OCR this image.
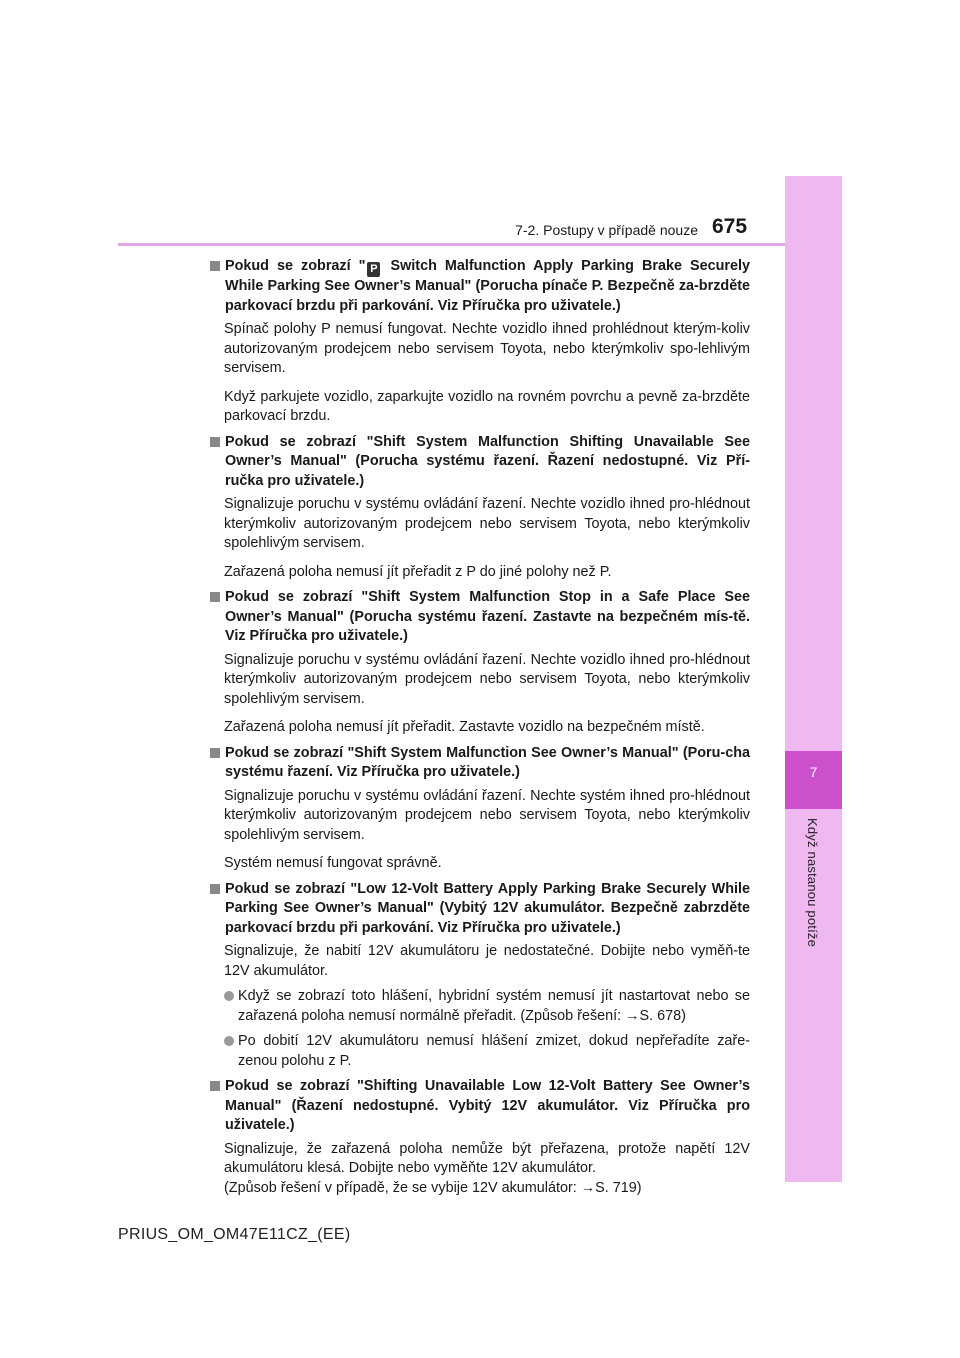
7
Když nastanou potíže
7-2. Postupy v případě nouze 675
Pokud se zobrazí " P Switch Malfunction Apply Parking Brake Securely While Parking See Owner’s Manual" (Porucha pínače P. Bezpečně za-brzděte parkovací brzdu při parkování. Viz Příručka pro uživatele.)

Spínač polohy P nemusí fungovat. Nechte vozidlo ihned prohlédnout kterým-koliv autorizovaným prodejcem nebo servisem Toyota, nebo kterýmkoliv spo-lehlivým servisem.

Když parkujete vozidlo, zaparkujte vozidlo na rovném povrchu a pevně za-brzděte parkovací brzdu.

Pokud se zobrazí "Shift System Malfunction Shifting Unavailable See Owner’s Manual" (Porucha systému řazení. Řazení nedostupné. Viz Pří-ručka pro uživatele.)

Signalizuje poruchu v systému ovládání řazení. Nechte vozidlo ihned pro-hlédnout kterýmkoliv autorizovaným prodejcem nebo servisem Toyota, nebo kterýmkoliv spolehlivým servisem.

Zařazená poloha nemusí jít přeřadit z P do jiné polohy než P.

Pokud se zobrazí "Shift System Malfunction Stop in a Safe Place See Owner’s Manual" (Porucha systému řazení. Zastavte na bezpečném mís-tě. Viz Příručka pro uživatele.)

Signalizuje poruchu v systému ovládání řazení. Nechte vozidlo ihned pro-hlédnout kterýmkoliv autorizovaným prodejcem nebo servisem Toyota, nebo kterýmkoliv spolehlivým servisem.

Zařazená poloha nemusí jít přeřadit. Zastavte vozidlo na bezpečném místě.

Pokud se zobrazí "Shift System Malfunction See Owner’s Manual" (Poru-cha systému řazení. Viz Příručka pro uživatele.)

Signalizuje poruchu v systému ovládání řazení. Nechte systém ihned pro-hlédnout kterýmkoliv autorizovaným prodejcem nebo servisem Toyota, nebo kterýmkoliv spolehlivým servisem.

Systém nemusí fungovat správně.

Pokud se zobrazí "Low 12-Volt Battery Apply Parking Brake Securely While Parking See Owner’s Manual" (Vybitý 12V akumulátor. Bezpečně zabrzděte parkovací brzdu při parkování. Viz Příručka pro uživatele.)

Signalizuje, že nabití 12V akumulátoru je nedostatečné. Dobijte nebo vyměň-te 12V akumulátor.

Když se zobrazí toto hlášení, hybridní systém nemusí jít nastartovat nebo se zařazená poloha nemusí normálně přeřadit. (Způsob řešení: →S. 678)
Po dobití 12V akumulátoru nemusí hlášení zmizet, dokud nepřeřadíte zaře-zenou polohu z P.
Pokud se zobrazí "Shifting Unavailable Low 12-Volt Battery See Owner’s Manual" (Řazení nedostupné. Vybitý 12V akumulátor. Viz Příručka pro uživatele.)

Signalizuje, že zařazená poloha nemůže být přeřazena, protože napětí 12V akumulátoru klesá. Dobijte nebo vyměňte 12V akumulátor.

(Způsob řešení v případě, že se vybije 12V akumulátor: →S. 719)

PRIUS_OM_OM47E11CZ_(EE)
